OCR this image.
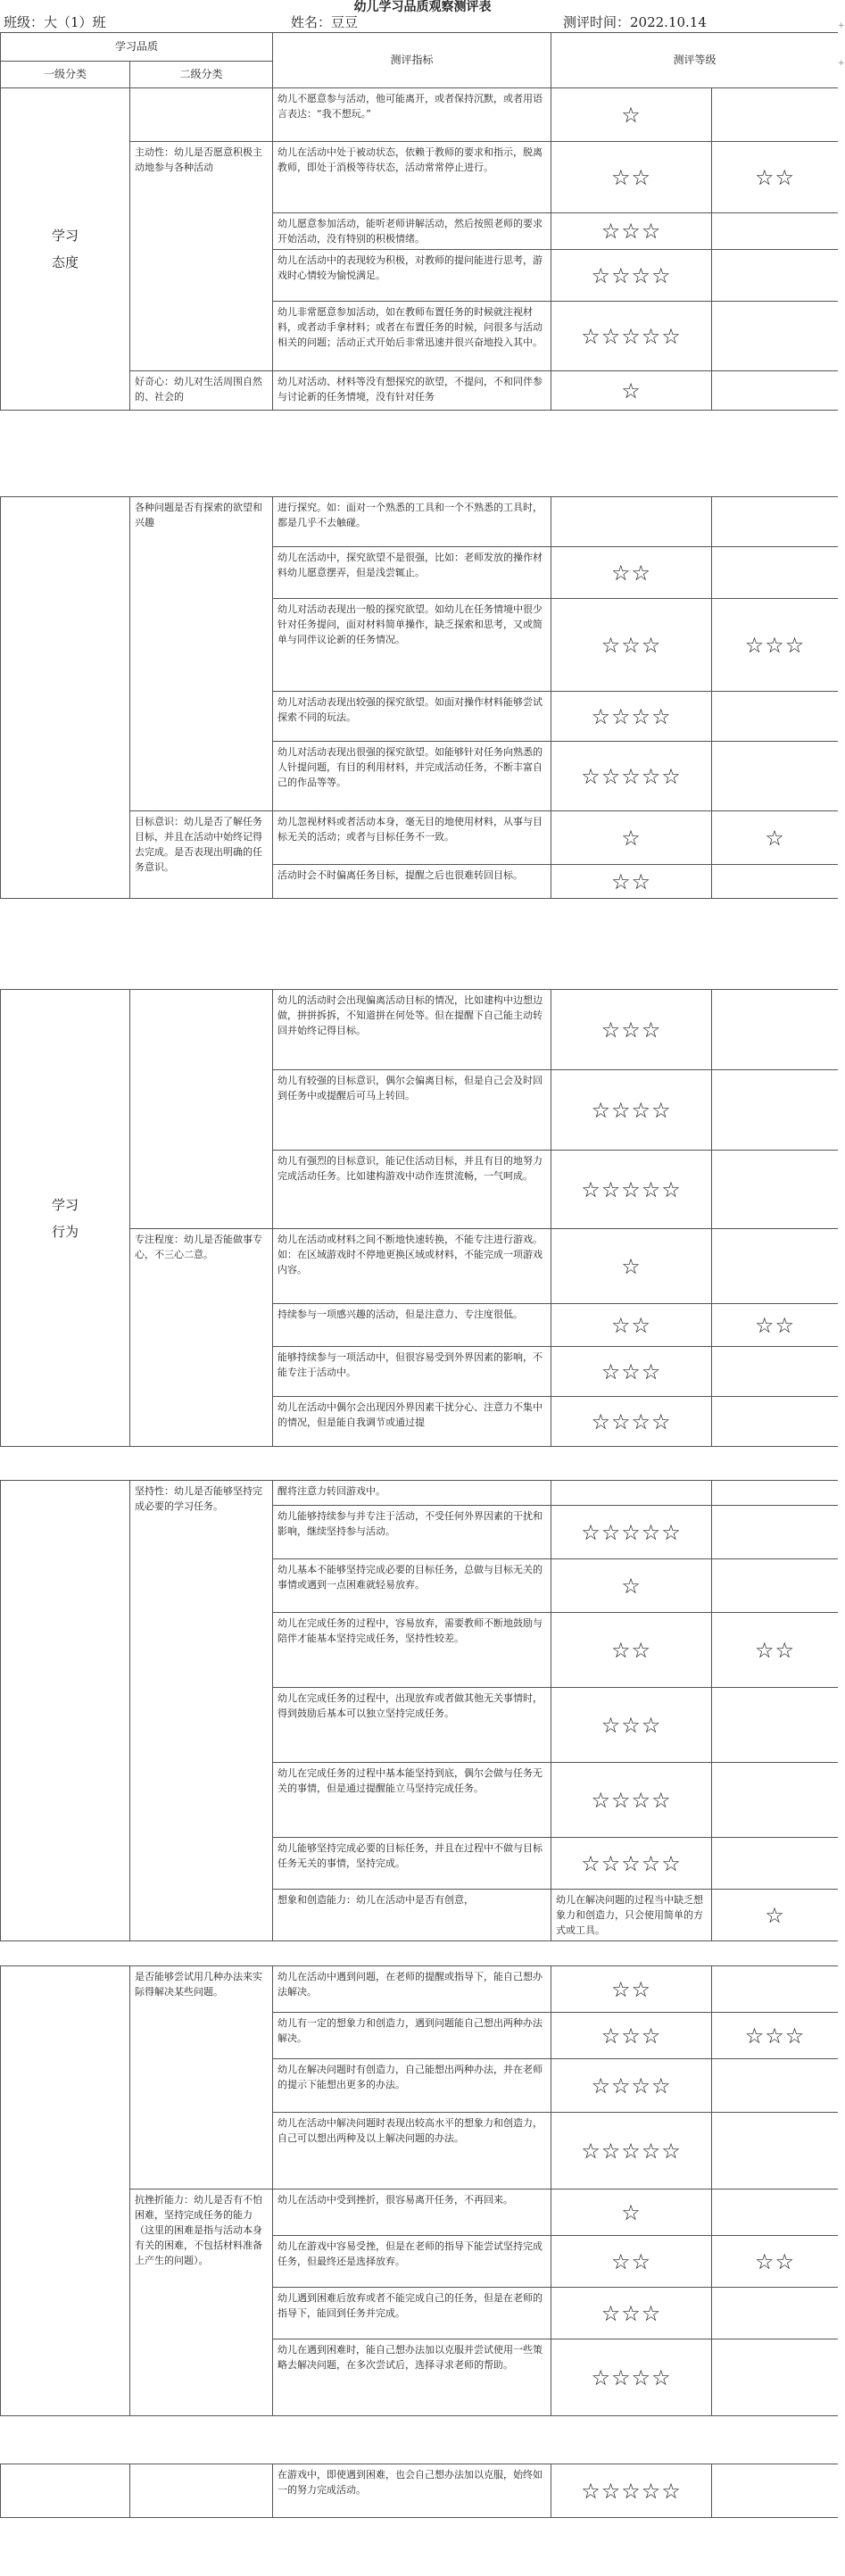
幼儿学习品质观察测评表
班级：大（1）班	姓名：豆豆	测评时间：2022.10.14	+
+
学习品质		测评指标	测评等级
一级分类	二级分类		
学习态度		幼儿不愿意参与活动，他可能离开，或者保持沉默，或者用语言表达：“我不想玩。”	☆	
	主动性：幼儿是否愿意积极主动地参与各种活动	幼儿在活动中处于被动状态，依赖于教师的要求和指示，脱离教师，即处于消极等待状态，活动常常停止进行。	☆☆	☆☆
		幼儿愿意参加活动，能听老师讲解活动，然后按照老师的要求开始活动，没有特别的积极情绪。	☆☆☆	
		幼儿在活动中的表现较为积极，对教师的提问能进行思考，游戏时心情较为愉悦满足。	☆☆☆☆	
		幼儿非常愿意参加活动，如在教师布置任务的时候就注视材料，或者动手拿材料；或者在布置任务的时候，问很多与活动相关的问题；活动正式开始后非常迅速并很兴奋地投入其中。	☆☆☆☆☆	
	好奇心：幼儿对生活周围自然的、社会的	幼儿对活动、材料等没有想探究的欲望，不提问，不和同伴参与讨论新的任务情境，没有针对任务	☆	
	各种问题是否有探索的欲望和兴趣	进行探究。如：面对一个熟悉的工具和一个不熟悉的工具时，都是几乎不去触碰。		
		幼儿在活动中，探究欲望不是很强，比如：老师发放的操作材料幼儿愿意摆弄，但是浅尝辄止。	☆☆	
		幼儿对活动表现出一般的探究欲望。如幼儿在任务情境中很少针对任务提问，面对材料简单操作，缺乏探索和思考，又或简单与同伴议论新的任务情况。	☆☆☆	☆☆☆
		幼儿对活动表现出较强的探究欲望。如面对操作材料能够尝试探索不同的玩法。	☆☆☆☆	
		幼儿对活动表现出很强的探究欲望。如能够针对任务向熟悉的人针提问题，有目的利用材料，并完成活动任务，不断丰富自己的作品等等。	☆☆☆☆☆	
	目标意识：幼儿是否了解任务目标，并且在活动中始终记得去完成。是否表现出明确的任务意识。	幼儿忽视材料或者活动本身，毫无目的地使用材料，从事与目标无关的活动；或者与目标任务不一致。	☆	☆
		活动时会不时偏离任务目标，提醒之后也很难转回目标。	☆☆	
学习行为		幼儿的活动时会出现偏离活动目标的情况，比如建构中边想边做，拼拼拆拆，不知道拼在何处等。但在提醒下自己能主动转回并始终记得目标。	☆☆☆	
		幼儿有较强的目标意识，偶尔会偏离目标，但是自己会及时回到任务中或提醒后可马上转回。	☆☆☆☆	
		幼儿有强烈的目标意识，能记住活动目标，并且有目的地努力完成活动任务。比如建构游戏中动作连贯流畅，一气呵成。	☆☆☆☆☆	
	专注程度：幼儿是否能做事专心，不三心二意。	幼儿在活动或材料之间不断地快速转换，不能专注进行游戏。如：在区域游戏时不停地更换区域或材料，不能完成一项游戏内容。	☆	
		持续参与一项感兴趣的活动，但是注意力、专注度很低。	☆☆	☆☆
		能够持续参与一项活动中，但很容易受到外界因素的影响，不能专注于活动中。	☆☆☆	
		幼儿在活动中偶尔会出现因外界因素干扰分心、注意力不集中的情况，但是能自我调节或通过提	☆☆☆☆	
	坚持性：幼儿是否能够坚持完成必要的学习任务。	醒将注意力转回游戏中。			
		幼儿能够持续参与并专注于活动，不受任何外界因素的干扰和影响，继续坚持参与活动。	☆☆☆☆☆		
		幼儿基本不能够坚持完成必要的目标任务，总做与目标无关的事情或遇到一点困难就轻易放弃。	☆		
		幼儿在完成任务的过程中，容易放弃，需要教师不断地鼓励与陪伴才能基本坚持完成任务，坚持性较差。	☆☆	☆☆	
		幼儿在完成任务的过程中，出现放弃或者做其他无关事情时，得到鼓励后基本可以独立坚持完成任务。	☆☆☆		
		幼儿在完成任务的过程中基本能坚持到底，偶尔会做与任务无关的事情，但是通过提醒能立马坚持完成任务。	☆☆☆☆		
		幼儿能够坚持完成必要的目标任务，并且在过程中不做与目标任务无关的事情，坚持完成。	☆☆☆☆☆		
		想象和创造能力：幼儿在活动中是否有创意，	幼儿在解决问题的过程当中缺乏想象力和创造力，只会使用简单的方式或工具。	☆	
	是否能够尝试用几种办法来实际得解决某些问题。	幼儿在活动中遇到问题，在老师的提醒或指导下，能自己想办法解决。	☆☆	
		幼儿有一定的想象力和创造力，遇到问题能自己想出两种办法解决。	☆☆☆	☆☆☆
		幼儿在解决问题时有创造力，自己能想出两种办法，并在老师的提示下能想出更多的办法。	☆☆☆☆	
		幼儿在活动中解决问题时表现出较高水平的想象力和创造力，自己可以想出两种及以上解决问题的办法。	☆☆☆☆☆	
	抗挫折能力：幼儿是否有不怕困难，坚持完成任务的能力（这里的困难是指与活动本身有关的困难，不包括材料准备上产生的问题）。	幼儿在活动中受到挫折，很容易离开任务，不再回来。	☆	
		幼儿在游戏中容易受挫，但是在老师的指导下能尝试坚持完成任务，但最终还是选择放弃。	☆☆	☆☆
		幼儿遇到困难后放弃或者不能完成自己的任务，但是在老师的指导下，能回到任务并完成。	☆☆☆	
		幼儿在遇到困难时，能自己想办法加以克服并尝试使用一些策略去解决问题，在多次尝试后，选择寻求老师的帮助。	☆☆☆☆	
		在游戏中，即使遇到困难，也会自己想办法加以克服，始终如一的努力完成活动。	☆☆☆☆☆	
